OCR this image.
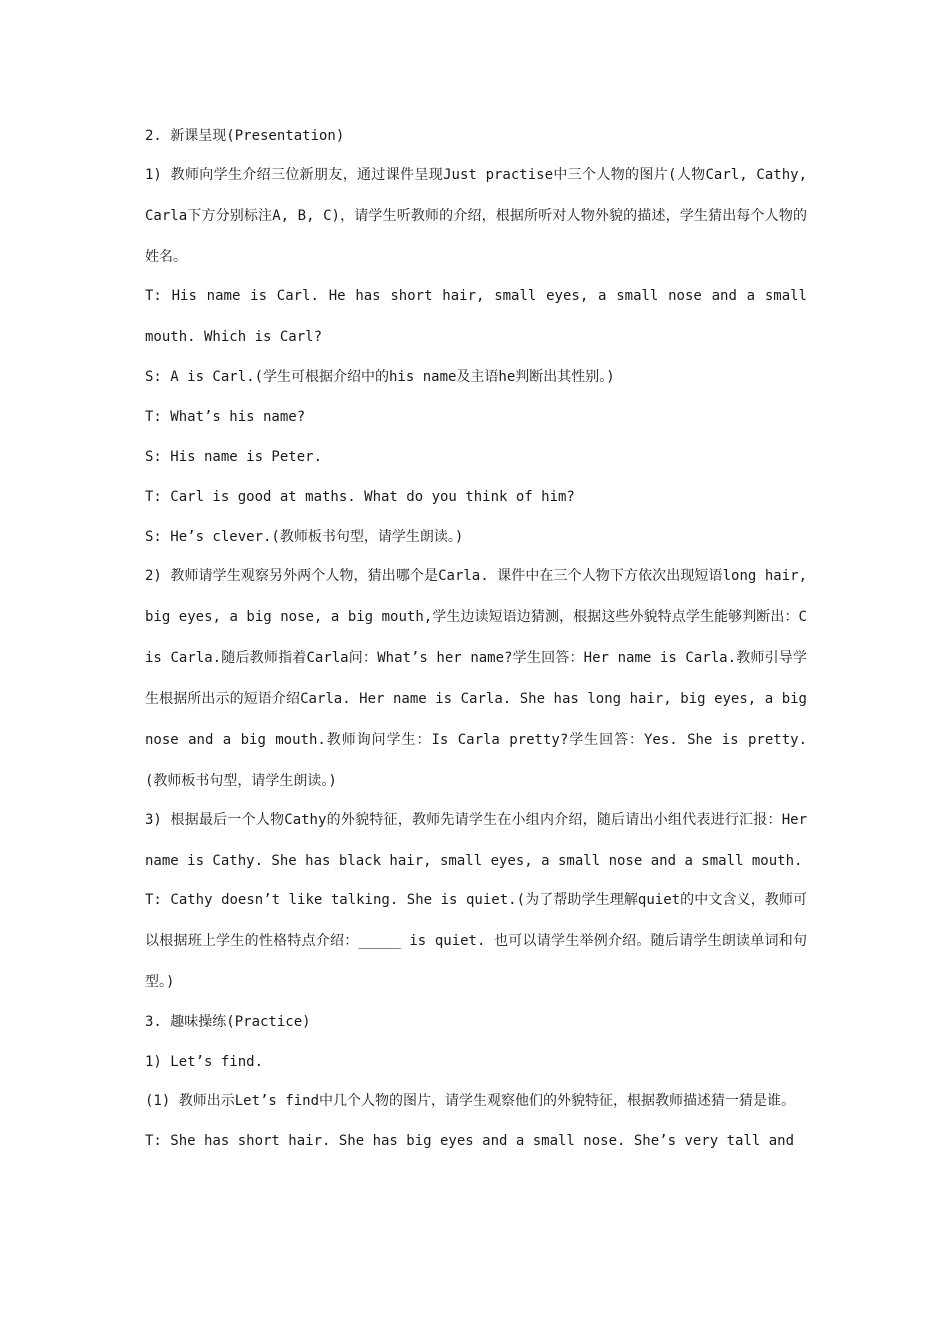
2. 新课呈现(Presentation)

1) 教师向学生介绍三位新朋友，通过课件呈现Just practise中三个人物的图片(人物Carl, Cathy, Carla下方分别标注A, B, C)，请学生听教师的介绍，根据所听对人物外貌的描述，学生猜出每个人物的姓名。

T: His name is Carl. He has short hair, small eyes, a small nose and a small mouth. Which is Carl?

S: A is Carl.(学生可根据介绍中的his name及主语he判断出其性别。)

T: What’s his name?

S: His name is Peter.

T: Carl is good at maths. What do you think of him?

S: He’s clever.(教师板书句型，请学生朗读。)

2) 教师请学生观察另外两个人物，猜出哪个是Carla. 课件中在三个人物下方依次出现短语long hair, big eyes, a big nose, a big mouth,学生边读短语边猜测，根据这些外貌特点学生能够判断出：C is Carla.随后教师指着Carla问：What’s her name?学生回答：Her name is Carla.教师引导学生根据所出示的短语介绍Carla. Her name is Carla. She has long hair, big eyes, a big nose and a big mouth.教师询问学生：Is Carla pretty?学生回答：Yes. She is pretty. (教师板书句型，请学生朗读。)

3) 根据最后一个人物Cathy的外貌特征，教师先请学生在小组内介绍，随后请出小组代表进行汇报：Her name is Cathy. She has black hair, small eyes, a small nose and a small mouth.

T: Cathy doesn’t like talking. She is quiet.(为了帮助学生理解quiet的中文含义，教师可以根据班上学生的性格特点介绍：_____ is quiet. 也可以请学生举例介绍。随后请学生朗读单词和句型。)

3. 趣味操练(Practice)

1) Let’s find.

(1) 教师出示Let’s find中几个人物的图片，请学生观察他们的外貌特征，根据教师描述猜一猜是谁。

T: She has short hair. She has big eyes and a small nose. She’s very tall and
